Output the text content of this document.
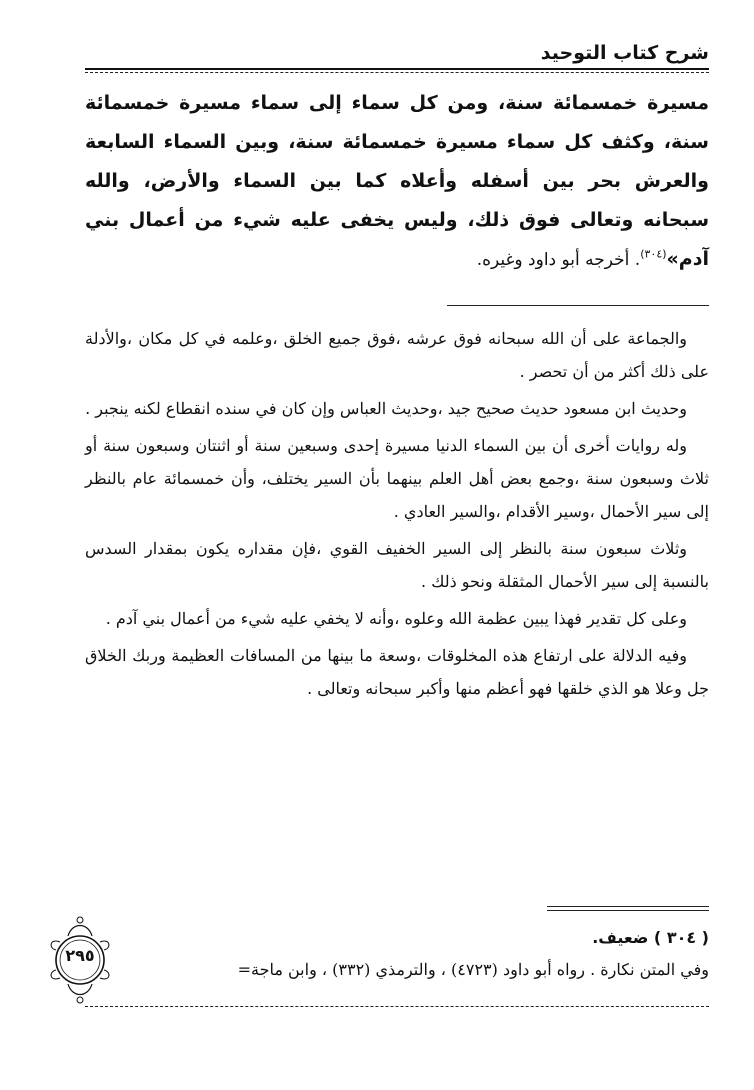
شرح كتاب التوحيد
مسيرة خمسمائة سنة، ومن كل سماء إلى سماء مسيرة خمسمائة سنة، وكثف كل سماء مسيرة خمسمائة سنة، وبين السماء السابعة والعرش بحر بين أسفله وأعلاه كما بين السماء والأرض، والله سبحانه وتعالى فوق ذلك، وليس يخفى عليه شيء من أعمال بني آدم»$^{(٣٠٤)}$. أخرجه أبو داود وغيره.

والجماعة على أن الله سبحانه فوق عرشه ،فوق جميع الخلق ،وعلمه في كل مكان ،والأدلة على ذلك أكثر من أن تحصر .

وحديث ابن مسعود حديث صحيح جيد ،وحديث العباس وإن كان في سنده انقطاع لكنه ينجبر .

وله روايات أخرى أن بين السماء الدنيا مسيرة إحدى وسبعين سنة أو اثنتان وسبعون سنة أو ثلاث وسبعون سنة ،وجمع بعض أهل العلم بينهما بأن السير يختلف، وأن خمسمائة عام بالنظر إلى سير الأحمال ،وسير الأقدام ،والسير العادي .

وثلاث سبعون سنة بالنظر إلى السير الخفيف القوي ،فإن مقداره يكون بمقدار السدس بالنسبة إلى سير الأحمال المثقلة ونحو ذلك .

وعلى كل تقدير فهذا يبين عظمة الله وعلوه ،وأنه لا يخفي عليه شيء من أعمال بني آدم .

وفيه الدلالة على ارتفاع هذه المخلوقات ،وسعة ما بينها من المسافات العظيمة وربك الخلاق جل وعلا هو الذي خلقها فهو أعظم منها وأكبر سبحانه وتعالى .

( ٣٠٤ ) ضعيف.
وفي المتن نكارة . رواه أبو داود (٤٧٢٣) ، والترمذي (٣٣٢) ، وابن ماجة=
٢٩٥
